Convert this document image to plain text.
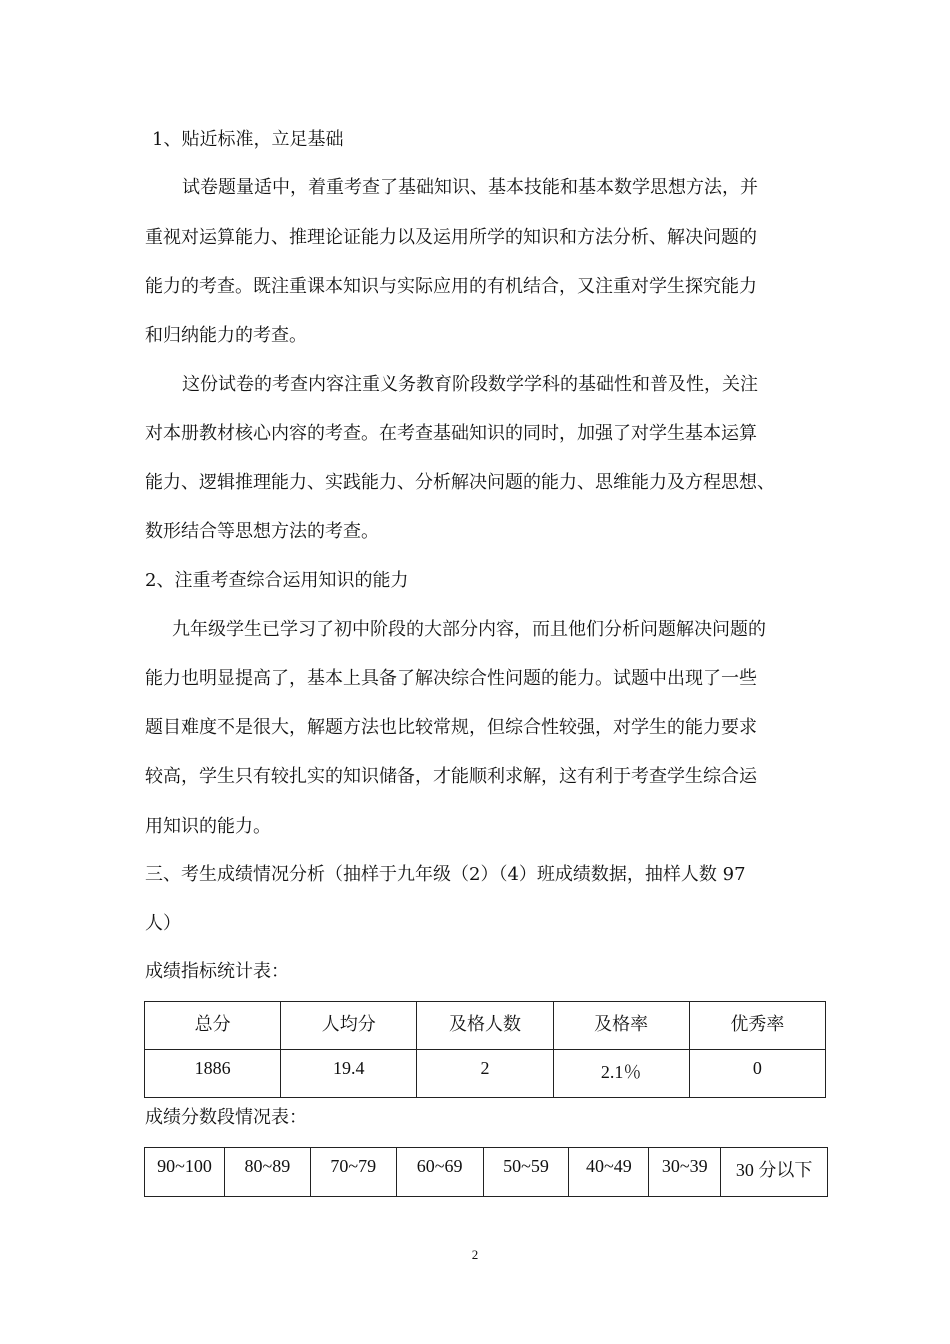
1、贴近标准，立足基础
试卷题量适中，着重考查了基础知识、基本技能和基本数学思想方法，并
重视对运算能力、推理论证能力以及运用所学的知识和方法分析、解决问题的
能力的考查。既注重课本知识与实际应用的有机结合，又注重对学生探究能力
和归纳能力的考查。
这份试卷的考查内容注重义务教育阶段数学学科的基础性和普及性，关注
对本册教材核心内容的考查。在考查基础知识的同时，加强了对学生基本运算
能力、逻辑推理能力、实践能力、分析解决问题的能力、思维能力及方程思想、
数形结合等思想方法的考查。
2、注重考查综合运用知识的能力
九年级学生已学习了初中阶段的大部分内容，而且他们分析问题解决问题的
能力也明显提高了，基本上具备了解决综合性问题的能力。试题中出现了一些
题目难度不是很大，解题方法也比较常规，但综合性较强，对学生的能力要求
较高，学生只有较扎实的知识储备，才能顺利求解，这有利于考查学生综合运
用知识的能力。
三、考生成绩情况分析（抽样于九年级（2）（4）班成绩数据，抽样人数 97
人）
成绩指标统计表：
总分	人均分	及格人数	及格率	优秀率
1886	19.4	2	2.1％	0
成绩分数段情况表：
90~100	80~89	70~79	60~69	50~59	40~49	30~39	30 分以下
2
